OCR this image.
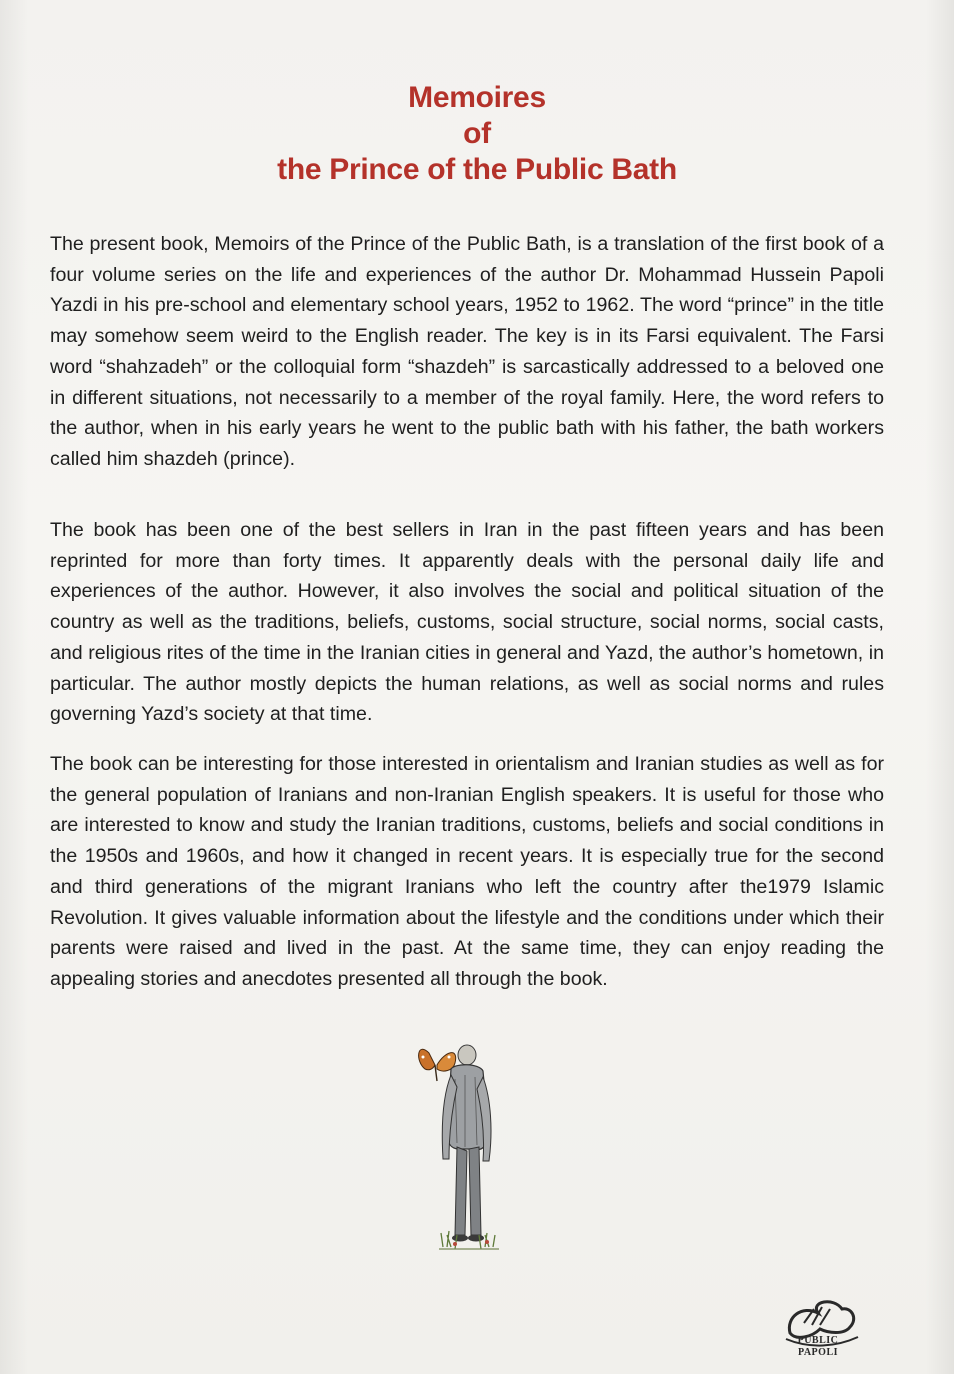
Memoires
of
the Prince of the Public Bath

The present book, Memoirs of the Prince of the Public Bath, is a translation of the first book of a four volume series on the life and experiences of the author Dr. Mohammad Hussein Papoli Yazdi in his pre-school and elementary school years, 1952 to 1962. The word “prince” in the title may somehow seem weird to the English reader. The key is in its Farsi equivalent. The Farsi word “shahzadeh” or the colloquial form “shazdeh” is sarcastically addressed to a beloved one in different situations, not necessarily to a member of the royal family. Here, the word refers to the author, when in his early years he went to the public bath with his father, the bath workers called him shazdeh (prince).

The book has been one of the best sellers in Iran in the past fifteen years and has been reprinted for more than forty times. It apparently deals with the personal daily life and experiences of the author. However, it also involves the social and political situation of the country as well as the traditions, beliefs, customs, social structure, social norms, social casts, and religious rites of the time in the Iranian cities in general and Yazd, the author’s hometown, in particular. The author mostly depicts the human relations, as well as social norms and rules governing Yazd’s society at that time.

The book can be interesting for those interested in orientalism and Iranian studies as well as for the general population of Iranians and non-Iranian English speakers. It is useful for those who are interested to know and study the Iranian traditions, customs, beliefs and social conditions in the 1950s and 1960s, and how it changed in recent years. It is especially true for the second and third generations of the migrant Iranians who left the country after the1979 Islamic Revolution. It gives valuable information about the lifestyle and the conditions under which their parents were raised and lived in the past. At the same time, they can enjoy reading the appealing stories and anecdotes presented all through the book.

PUBLIC
PAPOLI
